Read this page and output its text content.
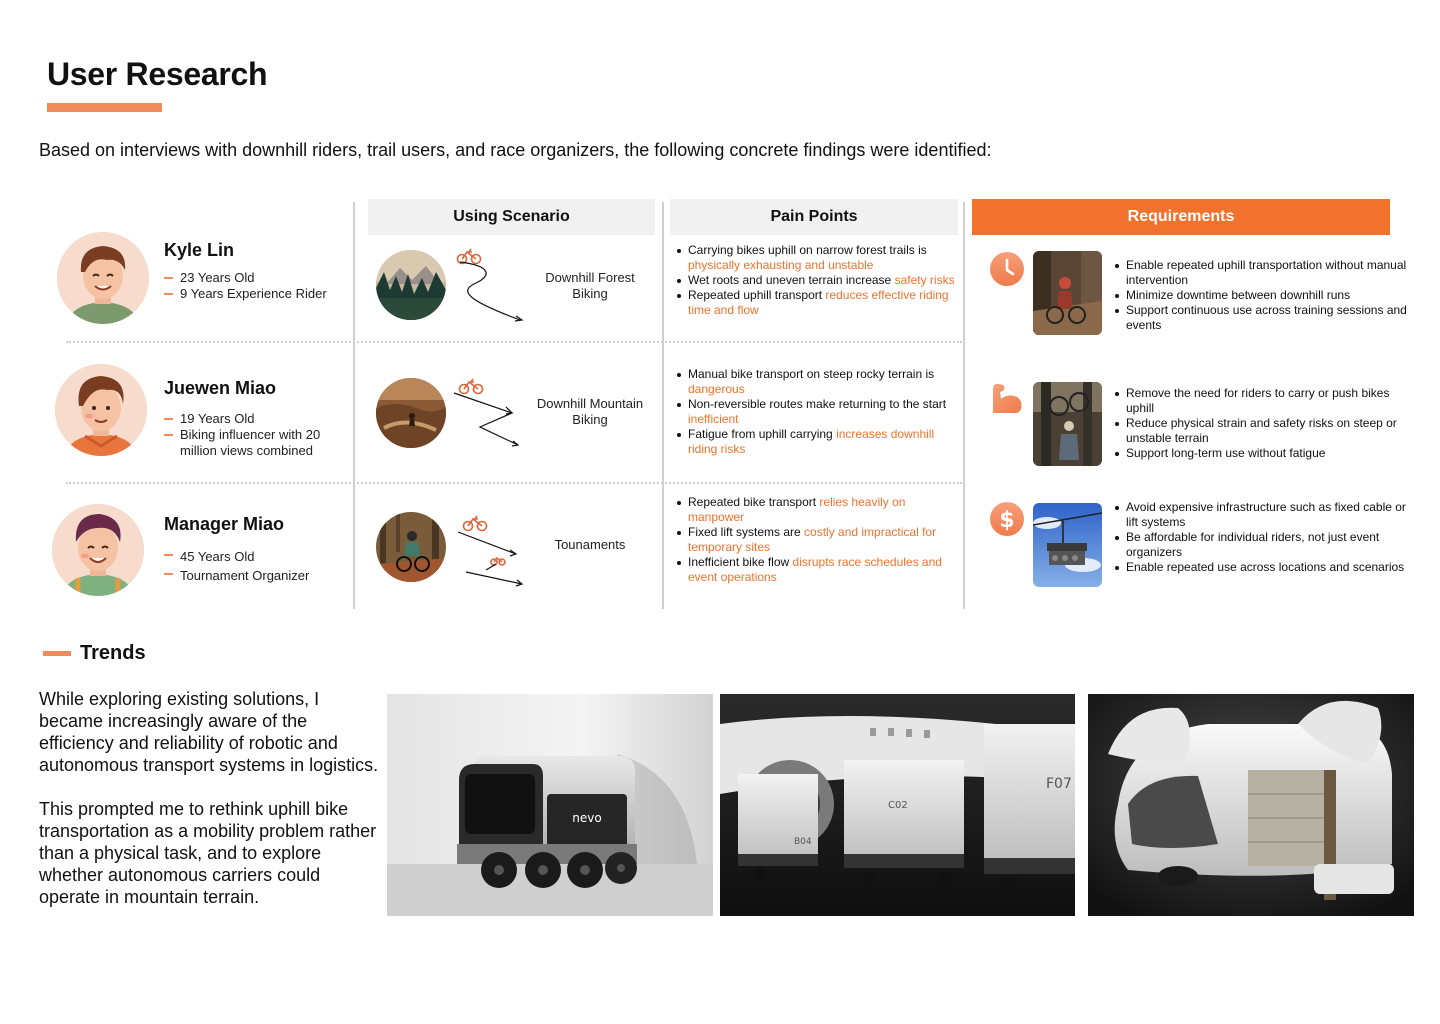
User Research
Based on interviews with downhill riders, trail users, and race organizers, the following concrete findings were identified:
Using Scenario	Pain Points	Requirements
Kyle Lin
23 Years Old
9 Years Experience Rider
Downhill Forest
Biking
Carrying bikes uphill on narrow forest trails is physically exhausting and unstable
Wet roots and uneven terrain increase safety risks
Repeated uphill transport reduces effective riding time and flow
Enable repeated uphill transportation without manual intervention
Minimize downtime between downhill runs
Support continuous use across training sessions and events
Juewen Miao
19 Years Old
Biking influencer with 20 million views combined
Downhill Mountain
Biking
Manual bike transport on steep rocky terrain is dangerous
Non-reversible routes make returning to the start inefficient
Fatigue from uphill carrying increases downhill riding risks
Remove the need for riders to carry or push bikes uphill
Reduce physical strain and safety risks on steep or unstable terrain
Support long-term use without fatigue
Manager Miao
45 Years Old
Tournament Organizer
Tounaments
Repeated bike transport relies heavily on manpower
Fixed lift systems are costly and impractical for temporary sites
Inefficient bike flow disrupts race schedules and event operations
$
Avoid expensive infrastructure such as fixed cable or lift systems
Be affordable for individual riders, not just event organizers
Enable repeated use across locations and scenarios
Trends

While exploring existing solutions, I became increasingly aware of the efficiency and reliability of robotic and autonomous transport systems in logistics.

This prompted me to rethink uphill bike transportation as a mobility problem rather than a physical task, and to explore whether autonomous carriers could operate in mountain terrain.

nevo
B04
C02
F07
